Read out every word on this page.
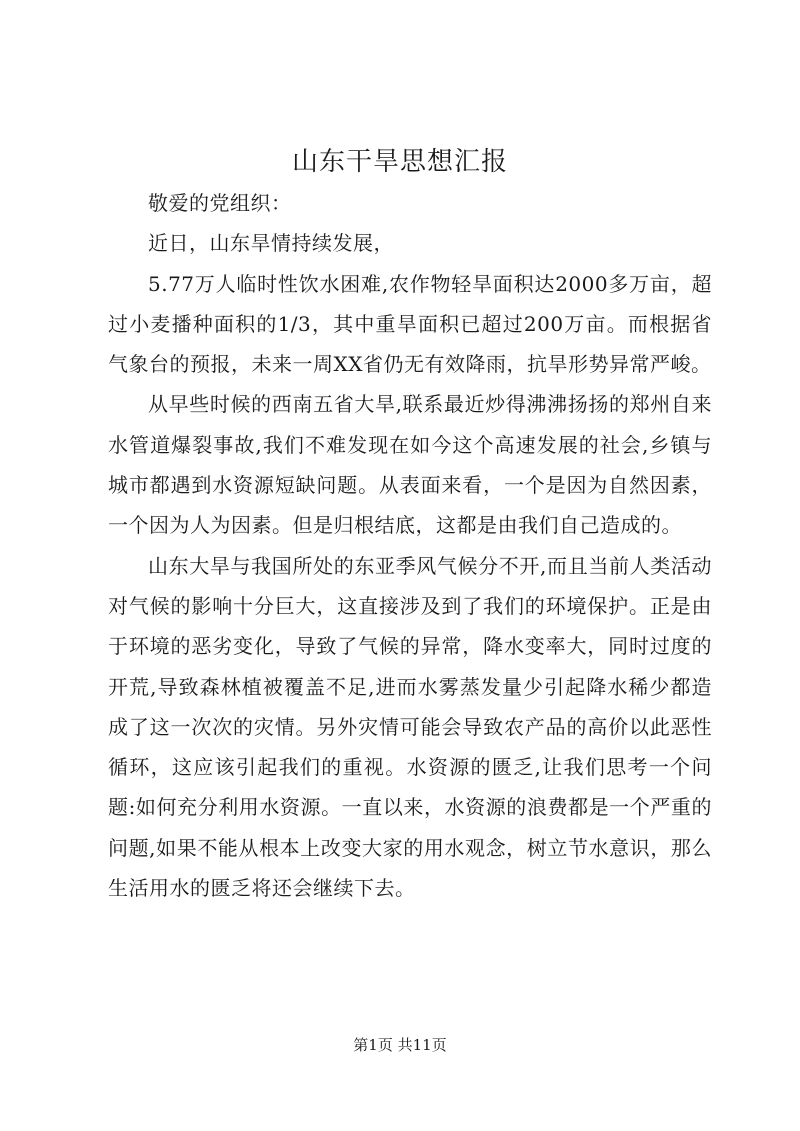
山东干旱思想汇报

敬爱的党组织：

近日，山东旱情持续发展，

5.77万人临时性饮水困难,农作物轻旱面积达2000多万亩，超过小麦播种面积的1/3，其中重旱面积已超过200万亩。而根据省气象台的预报，未来一周XX省仍无有效降雨，抗旱形势异常严峻。

从早些时候的西南五省大旱,联系最近炒得沸沸扬扬的郑州自来水管道爆裂事故,我们不难发现在如今这个高速发展的社会,乡镇与城市都遇到水资源短缺问题。从表面来看，一个是因为自然因素，一个因为人为因素。但是归根结底，这都是由我们自己造成的。

山东大旱与我国所处的东亚季风气候分不开,而且当前人类活动对气候的影响十分巨大，这直接涉及到了我们的环境保护。正是由于环境的恶劣变化，导致了气候的异常，降水变率大，同时过度的开荒,导致森林植被覆盖不足,进而水雾蒸发量少引起降水稀少都造成了这一次次的灾情。另外灾情可能会导致农产品的高价以此恶性循环，这应该引起我们的重视。水资源的匮乏,让我们思考一个问题:如何充分利用水资源。一直以来，水资源的浪费都是一个严重的问题,如果不能从根本上改变大家的用水观念，树立节水意识，那么生活用水的匮乏将还会继续下去。

第1页 共11页
